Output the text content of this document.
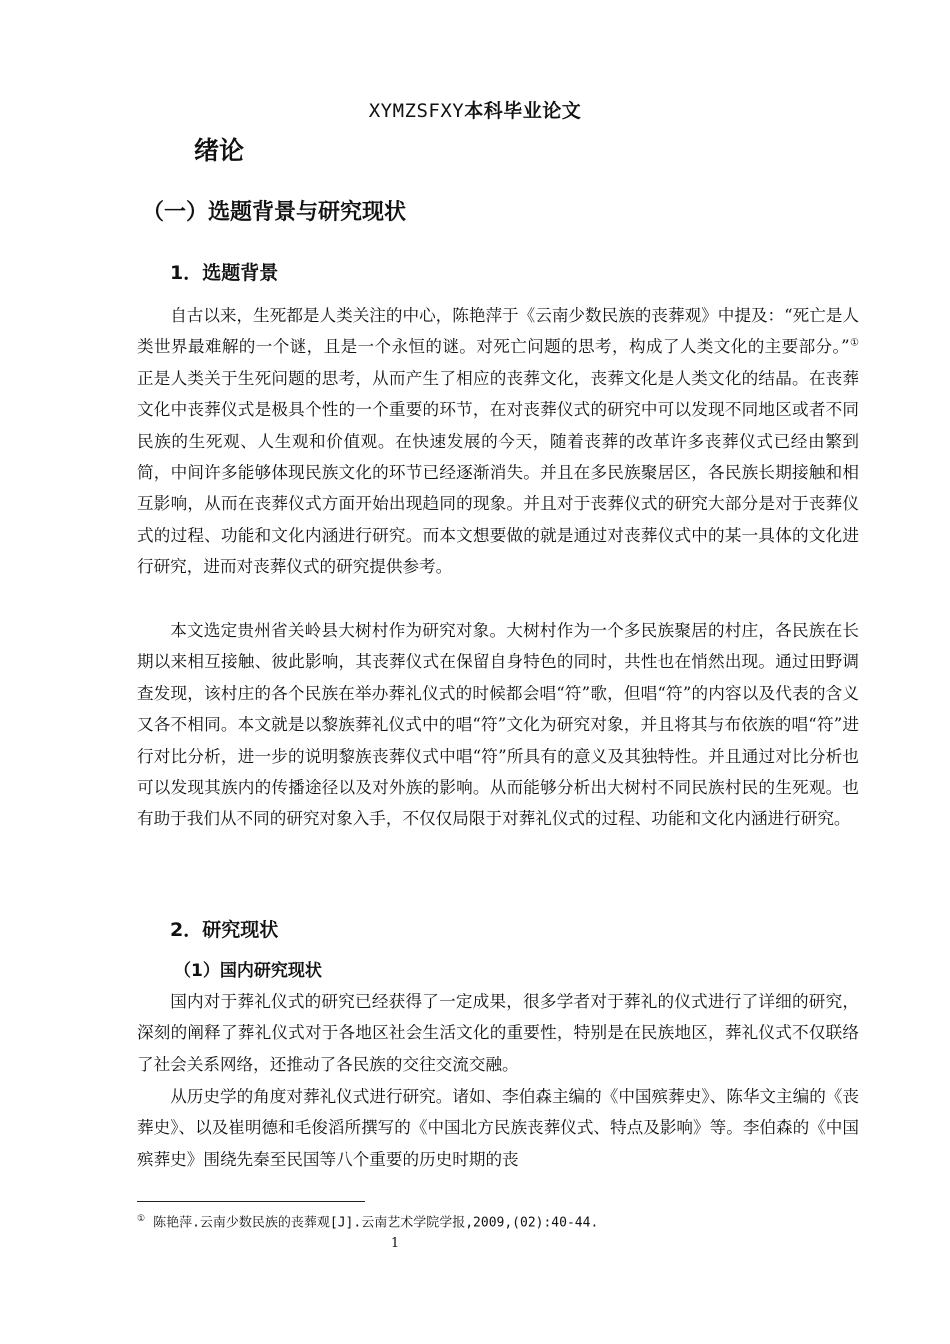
XYMZSFXY本科毕业论文
绪论
（一）选题背景与研究现状
1．选题背景
自古以来，生死都是人类关注的中心，陈艳萍于《云南少数民族的丧葬观》中提及：“死亡是人类世界最难解的一个谜，且是一个永恒的谜。对死亡问题的思考，构成了人类文化的主要部分。”①正是人类关于生死问题的思考，从而产生了相应的丧葬文化，丧葬文化是人类文化的结晶。在丧葬文化中丧葬仪式是极具个性的一个重要的环节，在对丧葬仪式的研究中可以发现不同地区或者不同民族的生死观、人生观和价值观。在快速发展的今天，随着丧葬的改革许多丧葬仪式已经由繁到简，中间许多能够体现民族文化的环节已经逐渐消失。并且在多民族聚居区，各民族长期接触和相互影响，从而在丧葬仪式方面开始出现趋同的现象。并且对于丧葬仪式的研究大部分是对于丧葬仪式的过程、功能和文化内涵进行研究。而本文想要做的就是通过对丧葬仪式中的某一具体的文化进行研究，进而对丧葬仪式的研究提供参考。
本文选定贵州省关岭县大树村作为研究对象。大树村作为一个多民族聚居的村庄，各民族在长期以来相互接触、彼此影响，其丧葬仪式在保留自身特色的同时，共性也在悄然出现。通过田野调查发现，该村庄的各个民族在举办葬礼仪式的时候都会唱“符”歌，但唱“符”的内容以及代表的含义又各不相同。本文就是以黎族葬礼仪式中的唱“符”文化为研究对象，并且将其与布依族的唱“符”进行对比分析，进一步的说明黎族丧葬仪式中唱“符”所具有的意义及其独特性。并且通过对比分析也可以发现其族内的传播途径以及对外族的影响。从而能够分析出大树村不同民族村民的生死观。也有助于我们从不同的研究对象入手，不仅仅局限于对葬礼仪式的过程、功能和文化内涵进行研究。
2．研究现状
（1）国内研究现状
国内对于葬礼仪式的研究已经获得了一定成果，很多学者对于葬礼的仪式进行了详细的研究，深刻的阐释了葬礼仪式对于各地区社会生活文化的重要性，特别是在民族地区，葬礼仪式不仅联络了社会关系网络，还推动了各民族的交往交流交融。
从历史学的角度对葬礼仪式进行研究。诸如、李伯森主编的《中国殡葬史》、陈华文主编的《丧葬史》、以及崔明德和毛俊滔所撰写的《中国北方民族丧葬仪式、特点及影响》等。李伯森的《中国殡葬史》围绕先秦至民国等八个重要的历史时期的丧
① 陈艳萍.云南少数民族的丧葬观[J].云南艺术学院学报,2009,(02):40-44.
1
